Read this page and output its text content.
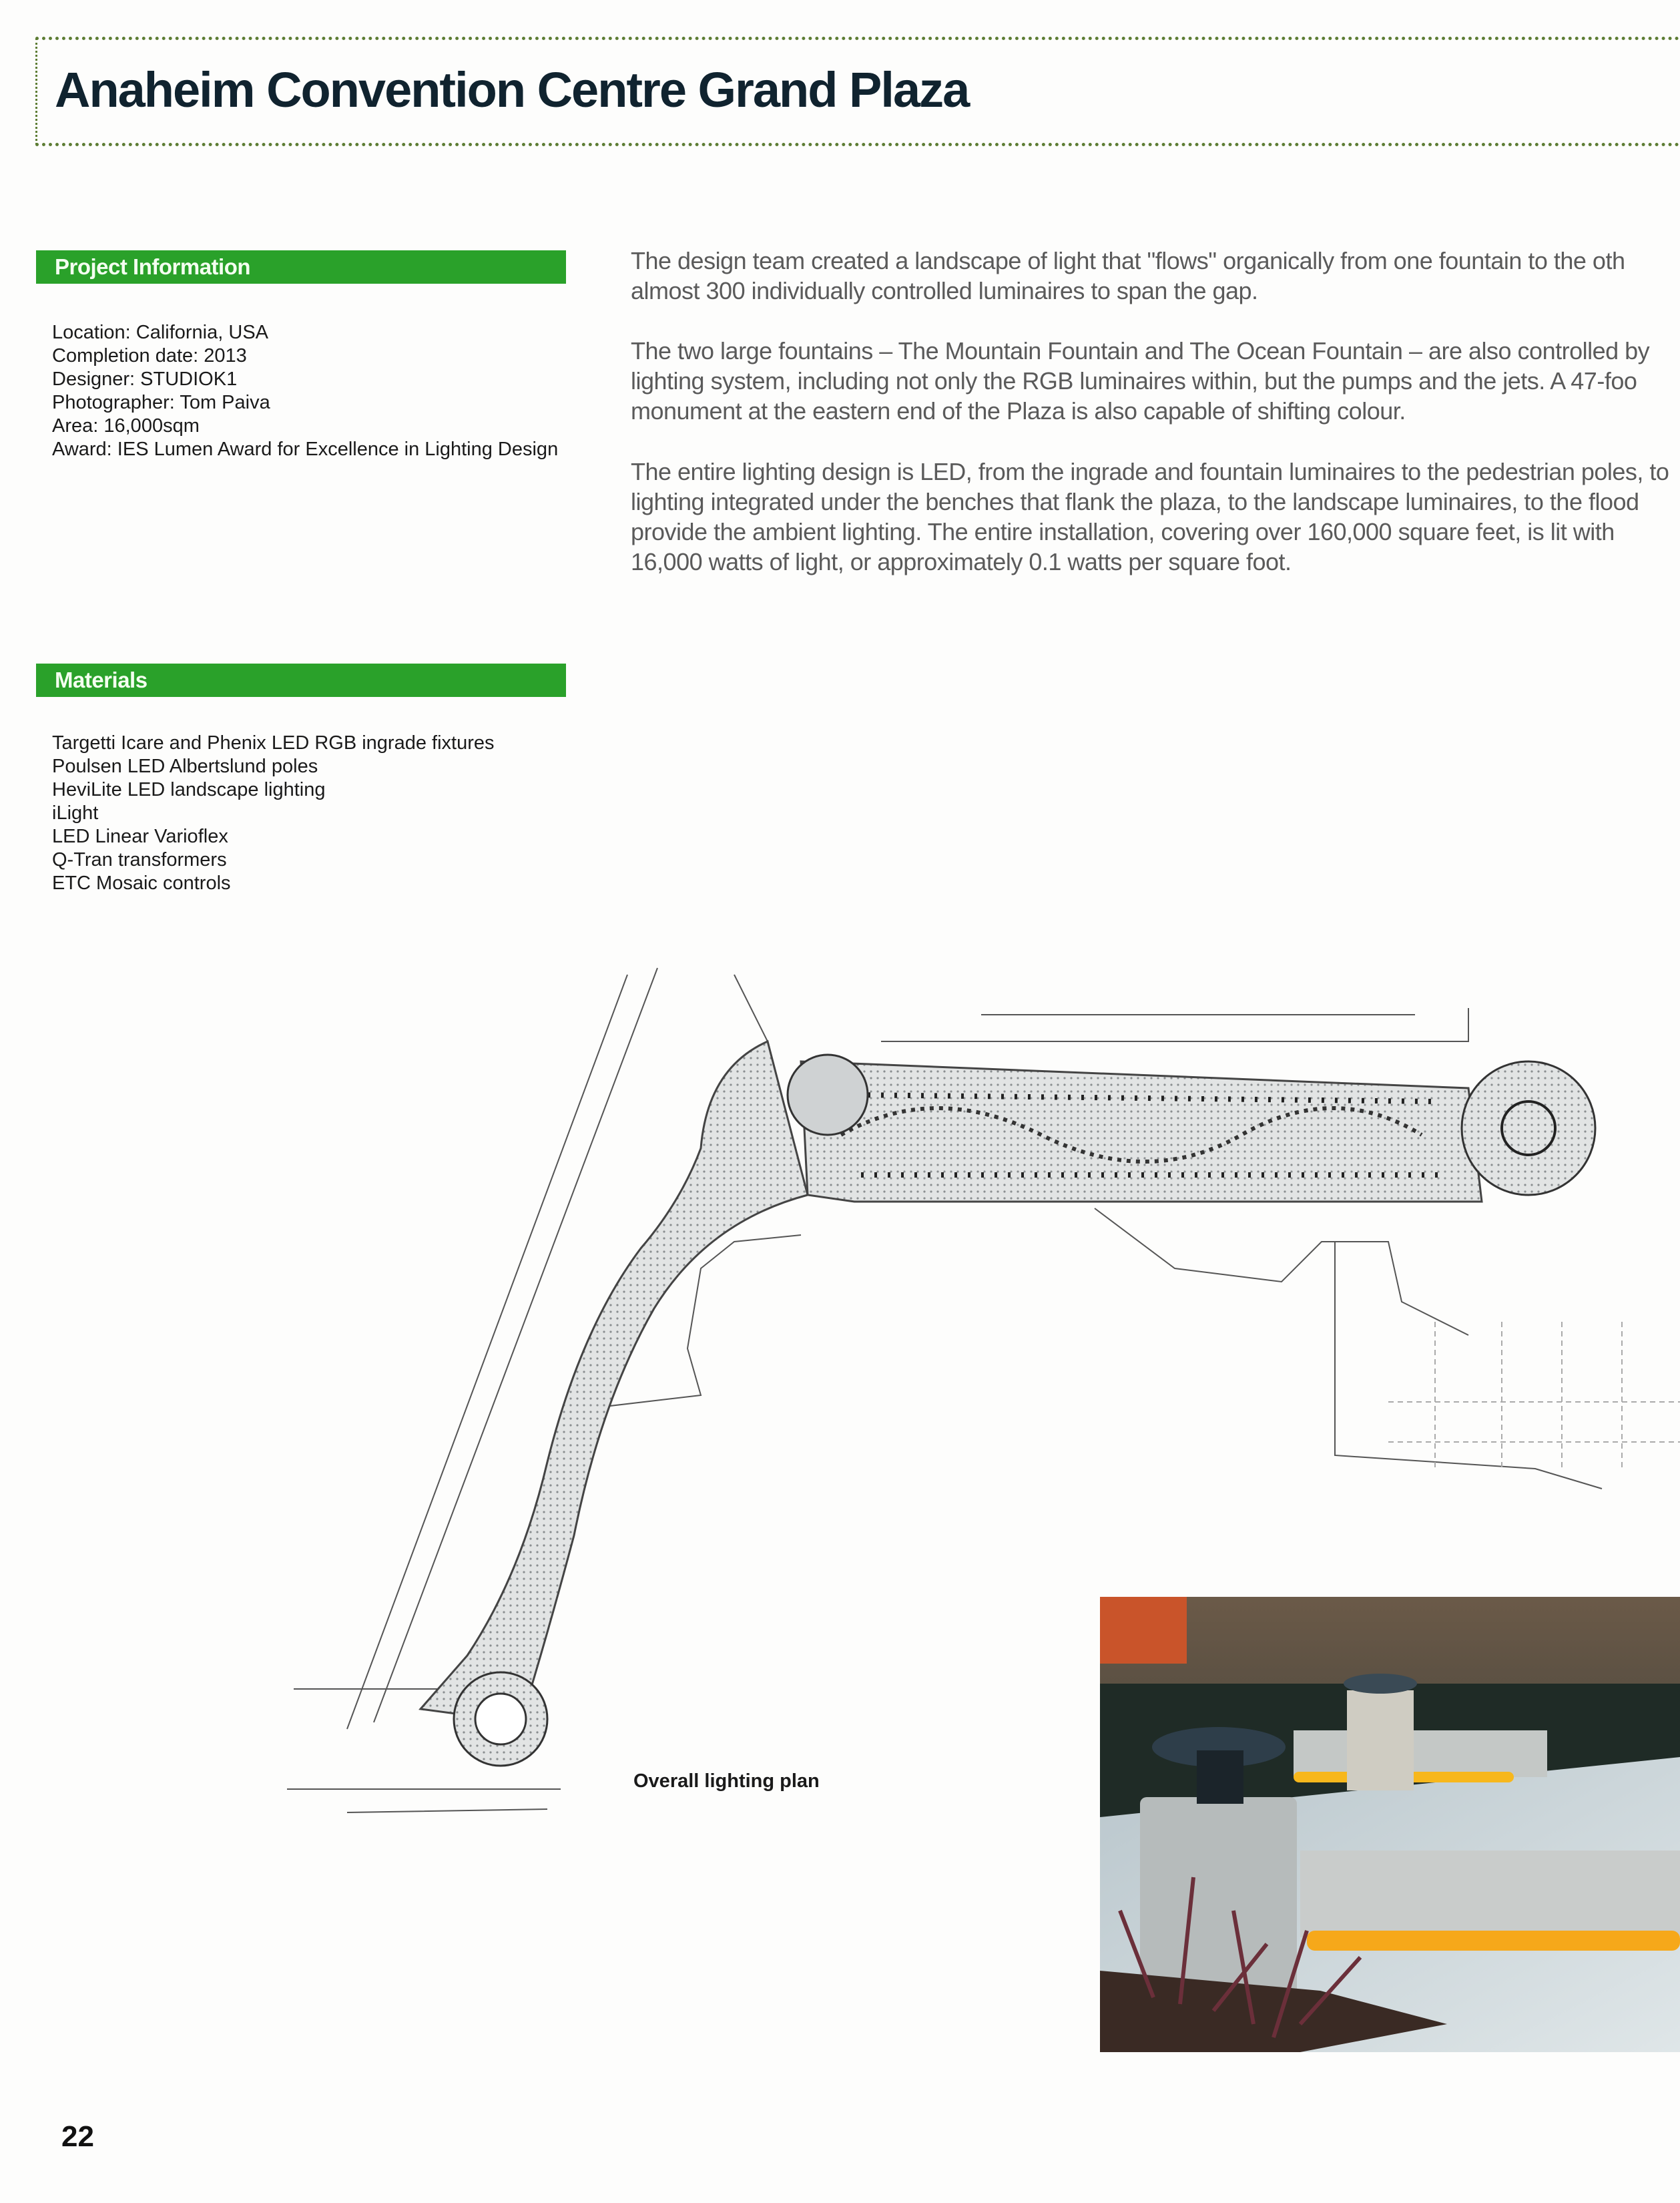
Anaheim Convention Centre Grand Plaza
Project Information
Location: California, USA
Completion date: 2013
Designer: STUDIOK1
Photographer: Tom Paiva
Area: 16,000sqm
Award: IES Lumen Award for Excellence in Lighting Design
Materials
Targetti Icare and Phenix LED RGB ingrade fixtures
Poulsen LED Albertslund poles
HeviLite LED landscape lighting
iLight
LED Linear Varioflex
Q-Tran transformers
ETC Mosaic controls
The design team created a landscape of light that "flows" organically from one fountain to the oth
almost 300 individually controlled luminaires to span the gap.
The two large fountains – The Mountain Fountain and The Ocean Fountain – are also controlled by
lighting system, including not only the RGB luminaires within, but the pumps and the jets. A 47-foo
monument at the eastern end of the Plaza is also capable of shifting colour.
The entire lighting design is LED, from the ingrade and fountain luminaires to the pedestrian poles, to
lighting integrated under the benches that flank the plaza, to the landscape luminaires, to the flood
provide the ambient lighting. The entire installation, covering over 160,000 square feet, is lit with
16,000 watts of light, or approximately 0.1 watts per square foot.
Overall lighting plan
22
